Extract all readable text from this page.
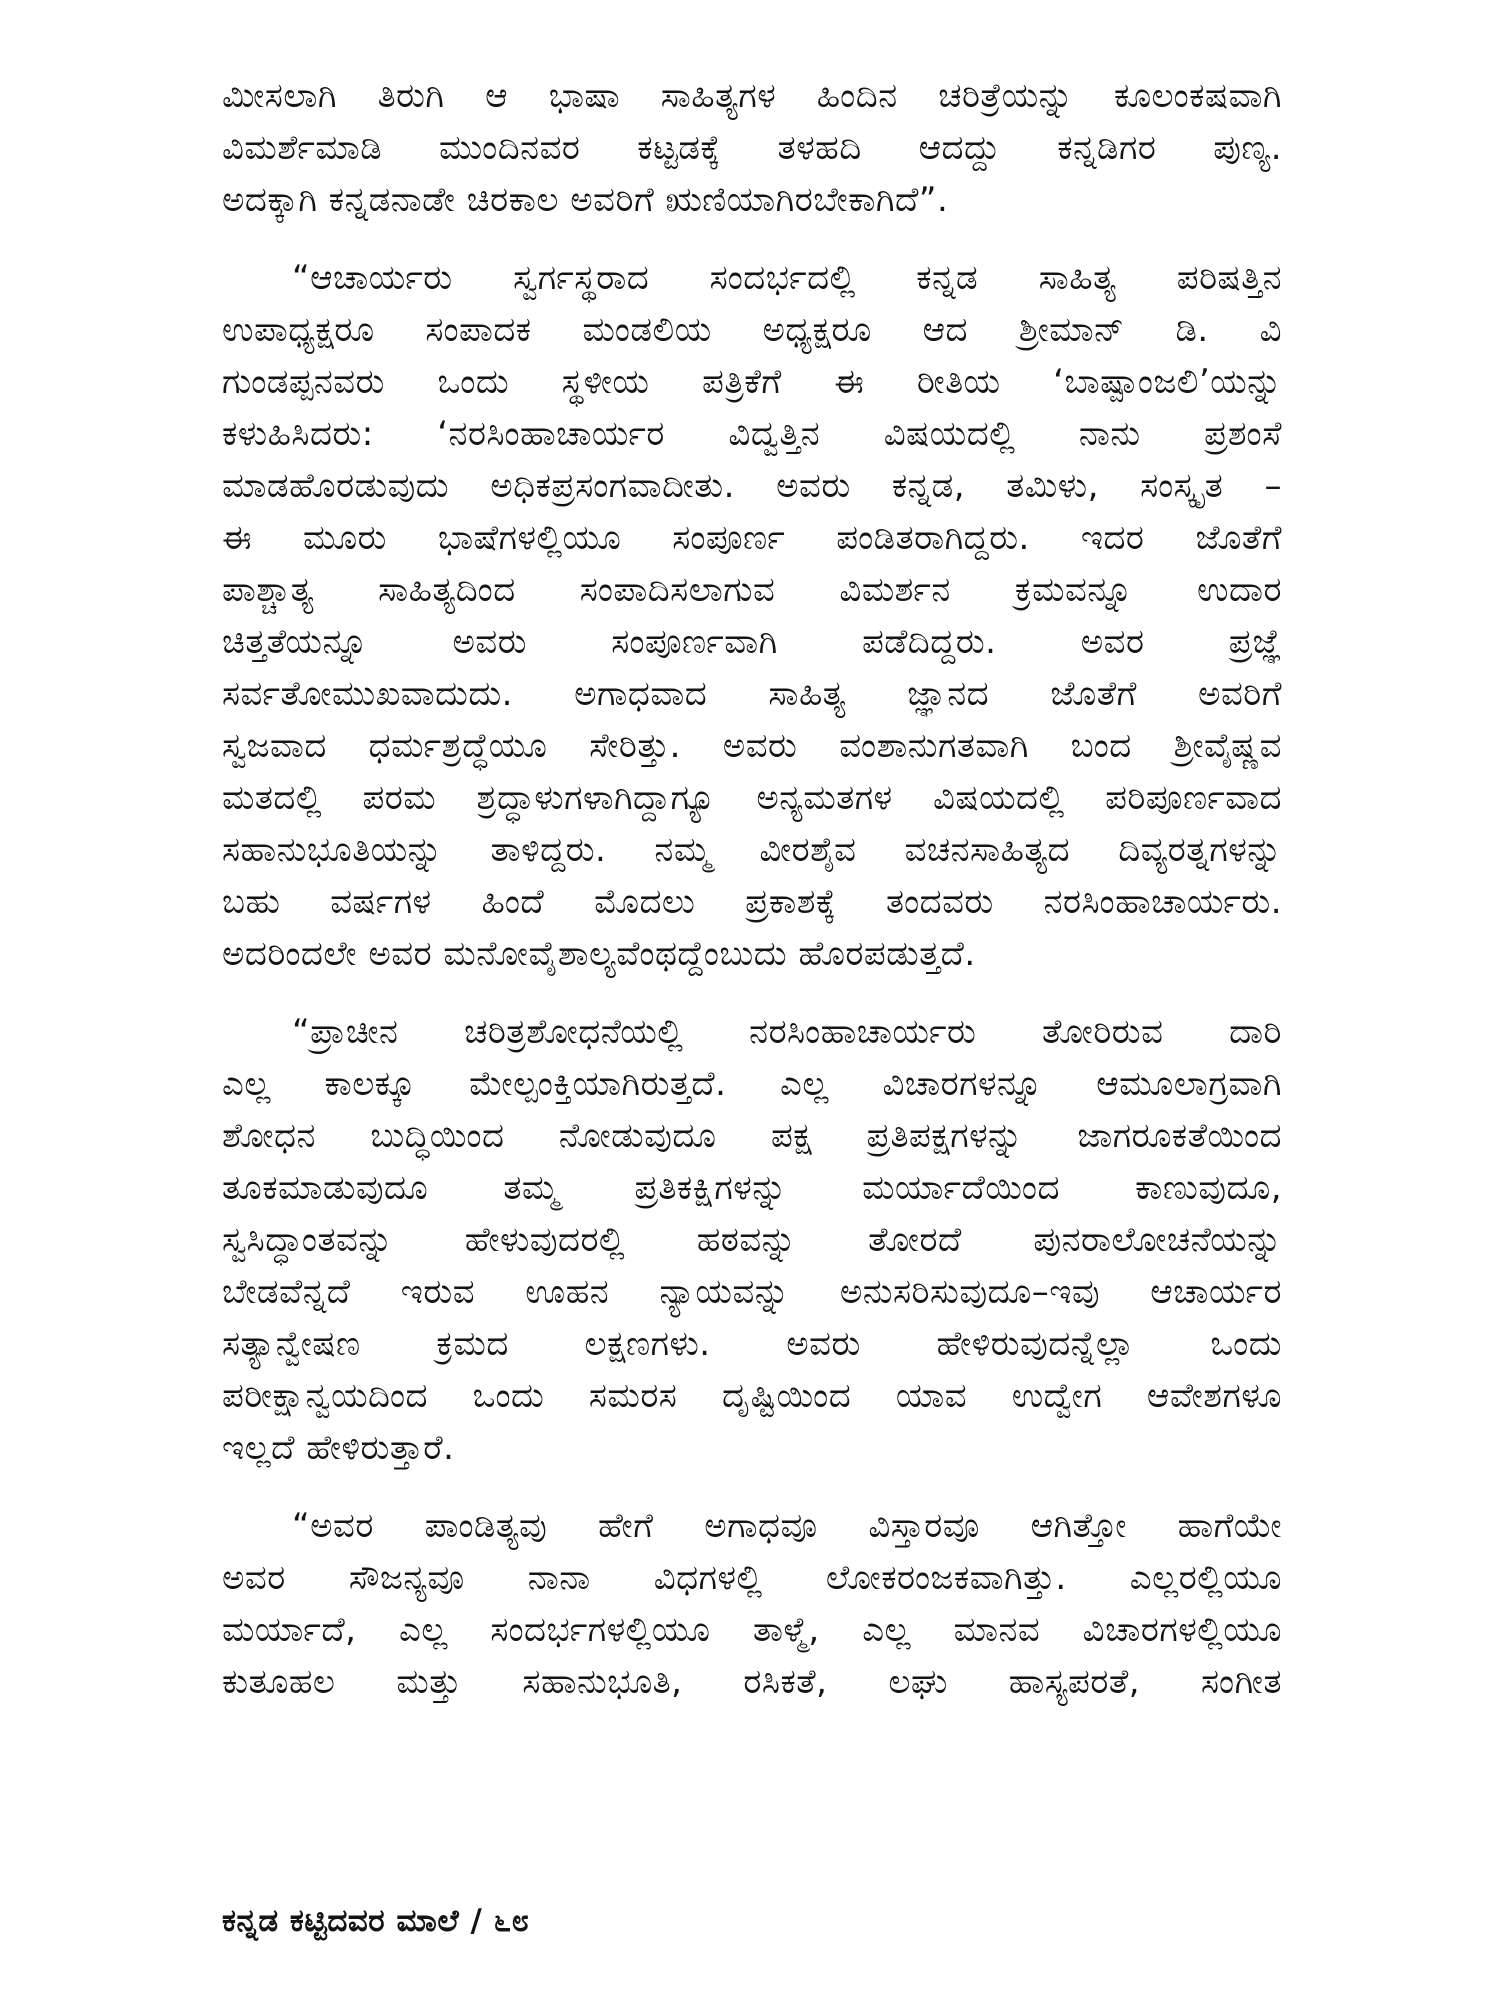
ಮೀಸಲಾಗಿ ತಿರುಗಿ ಆ ಭಾಷಾ ಸಾಹಿತ್ಯಗಳ ಹಿಂದಿನ ಚರಿತ್ರೆಯನ್ನು ಕೂಲಂಕಷವಾಗಿ
ವಿಮರ್ಶೆಮಾಡಿ ಮುಂದಿನವರ ಕಟ್ಟಡಕ್ಕೆ ತಳಹದಿ ಆದದ್ದು ಕನ್ನಡಿಗರ ಪುಣ್ಯ.
ಅದಕ್ಕಾಗಿ ಕನ್ನಡನಾಡೇ ಚಿರಕಾಲ ಅವರಿಗೆ ಋಣಿಯಾಗಿರಬೇಕಾಗಿದೆ”.
“ಆಚಾರ್ಯರು ಸ್ವರ್ಗಸ್ಥರಾದ ಸಂದರ್ಭದಲ್ಲಿ ಕನ್ನಡ ಸಾಹಿತ್ಯ ಪರಿಷತ್ತಿನ
ಉಪಾಧ್ಯಕ್ಷರೂ ಸಂಪಾದಕ ಮಂಡಲಿಯ ಅಧ್ಯಕ್ಷರೂ ಆದ ಶ್ರೀಮಾನ್ ಡಿ. ವಿ
ಗುಂಡಪ್ಪನವರು ಒಂದು ಸ್ಥಳೀಯ ಪತ್ರಿಕೆಗೆ ಈ ರೀತಿಯ ‘ಬಾಷ್ಪಾಂಜಲಿ’ಯನ್ನು
ಕಳುಹಿಸಿದರು: ‘ನರಸಿಂಹಾಚಾರ್ಯರ ವಿದ್ವತ್ತಿನ ವಿಷಯದಲ್ಲಿ ನಾನು ಪ್ರಶಂಸೆ
ಮಾಡಹೊರಡುವುದು ಅಧಿಕಪ್ರಸಂಗವಾದೀತು. ಅವರು ಕನ್ನಡ, ತಮಿಳು, ಸಂಸ್ಕೃತ –
ಈ ಮೂರು ಭಾಷೆಗಳಲ್ಲಿಯೂ ಸಂಪೂರ್ಣ ಪಂಡಿತರಾಗಿದ್ದರು. ಇದರ ಜೊತೆಗೆ
ಪಾಶ್ಚಾತ್ಯ ಸಾಹಿತ್ಯದಿಂದ ಸಂಪಾದಿಸಲಾಗುವ ವಿಮರ್ಶನ ಕ್ರಮವನ್ನೂ ಉದಾರ
ಚಿತ್ತತೆಯನ್ನೂ ಅವರು ಸಂಪೂರ್ಣವಾಗಿ ಪಡೆದಿದ್ದರು. ಅವರ ಪ್ರಜ್ಞೆ
ಸರ್ವತೋಮುಖವಾದುದು. ಅಗಾಧವಾದ ಸಾಹಿತ್ಯ ಜ್ಞಾನದ ಜೊತೆಗೆ ಅವರಿಗೆ
ಸ್ವಜವಾದ ಧರ್ಮಶ್ರದ್ಧೆಯೂ ಸೇರಿತ್ತು. ಅವರು ವಂಶಾನುಗತವಾಗಿ ಬಂದ ಶ್ರೀವೈಷ್ಣವ
ಮತದಲ್ಲಿ ಪರಮ ಶ್ರದ್ಧಾಳುಗಳಾಗಿದ್ದಾಗ್ಯೂ ಅನ್ಯಮತಗಳ ವಿಷಯದಲ್ಲಿ ಪರಿಪೂರ್ಣವಾದ
ಸಹಾನುಭೂತಿಯನ್ನು ತಾಳಿದ್ದರು. ನಮ್ಮ ವೀರಶೈವ ವಚನಸಾಹಿತ್ಯದ ದಿವ್ಯರತ್ನಗಳನ್ನು
ಬಹು ವರ್ಷಗಳ ಹಿಂದೆ ಮೊದಲು ಪ್ರಕಾಶಕ್ಕೆ ತಂದವರು ನರಸಿಂಹಾಚಾರ್ಯರು.
ಅದರಿಂದಲೇ ಅವರ ಮನೋವೈಶಾಲ್ಯವೆಂಥದ್ದೆಂಬುದು ಹೊರಪಡುತ್ತದೆ.
“ಪ್ರಾಚೀನ ಚರಿತ್ರಶೋಧನೆಯಲ್ಲಿ ನರಸಿಂಹಾಚಾರ್ಯರು ತೋರಿರುವ ದಾರಿ
ಎಲ್ಲ ಕಾಲಕ್ಕೂ ಮೇಲ್ಪಂಕ್ತಿಯಾಗಿರುತ್ತದೆ. ಎಲ್ಲ ವಿಚಾರಗಳನ್ನೂ ಆಮೂಲಾಗ್ರವಾಗಿ
ಶೋಧನ ಬುದ್ಧಿಯಿಂದ ನೋಡುವುದೂ ಪಕ್ಷ ಪ್ರತಿಪಕ್ಷಗಳನ್ನು ಜಾಗರೂಕತೆಯಿಂದ
ತೂಕಮಾಡುವುದೂ ತಮ್ಮ ಪ್ರತಿಕಕ್ಷಿಗಳನ್ನು ಮರ್ಯಾದೆಯಿಂದ ಕಾಣುವುದೂ,
ಸ್ವಸಿದ್ಧಾಂತವನ್ನು ಹೇಳುವುದರಲ್ಲಿ ಹಠವನ್ನು ತೋರದೆ ಪುನರಾಲೋಚನೆಯನ್ನು
ಬೇಡವೆನ್ನದೆ ಇರುವ ಊಹನ ನ್ಯಾಯವನ್ನು ಅನುಸರಿಸುವುದೂ–ಇವು ಆಚಾರ್ಯರ
ಸತ್ಯಾನ್ವೇಷಣ ಕ್ರಮದ ಲಕ್ಷಣಗಳು. ಅವರು ಹೇಳಿರುವುದನ್ನೆಲ್ಲಾ ಒಂದು
ಪರೀಕ್ಷಾನ್ವಯದಿಂದ ಒಂದು ಸಮರಸ ದೃಷ್ಟಿಯಿಂದ ಯಾವ ಉದ್ವೇಗ ಆವೇಶಗಳೂ
ಇಲ್ಲದೆ ಹೇಳಿರುತ್ತಾರೆ.
“ಅವರ ಪಾಂಡಿತ್ಯವು ಹೇಗೆ ಅಗಾಧವೂ ವಿಸ್ತಾರವೂ ಆಗಿತ್ತೋ ಹಾಗೆಯೇ
ಅವರ ಸೌಜನ್ಯವೂ ನಾನಾ ವಿಧಗಳಲ್ಲಿ ಲೋಕರಂಜಕವಾಗಿತ್ತು. ಎಲ್ಲರಲ್ಲಿಯೂ
ಮರ್ಯಾದೆ, ಎಲ್ಲ ಸಂದರ್ಭಗಳಲ್ಲಿಯೂ ತಾಳ್ಮೆ, ಎಲ್ಲ ಮಾನವ ವಿಚಾರಗಳಲ್ಲಿಯೂ
ಕುತೂಹಲ ಮತ್ತು ಸಹಾನುಭೂತಿ, ರಸಿಕತೆ, ಲಘು ಹಾಸ್ಯಪರತೆ, ಸಂಗೀತ
ಕನ್ನಡ ಕಟ್ಟಿದವರ ಮಾಲೆ / ೬೮
